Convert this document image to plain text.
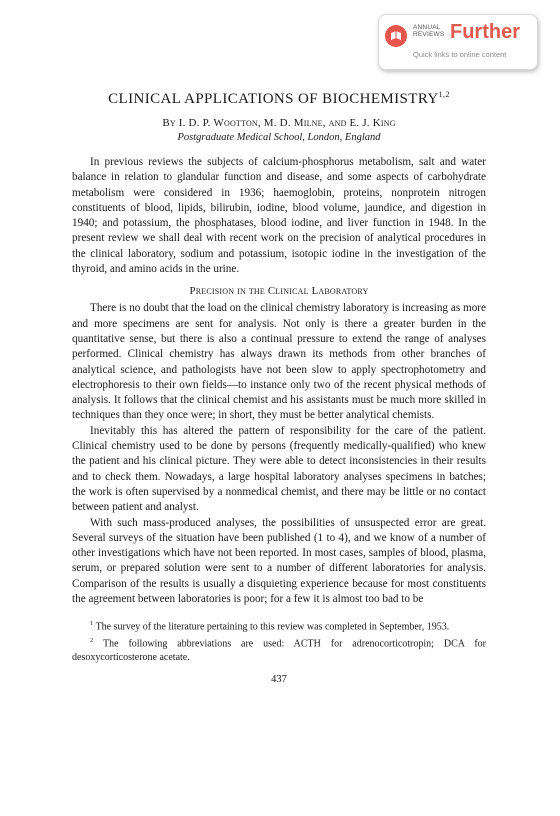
ANNUAL
REVIEWS Further
Quick links to online content
CLINICAL APPLICATIONS OF BIOCHEMISTRY$^{1,2}$
By I. D. P. Wootton, M. D. Milne, and E. J. King
Postgraduate Medical School, London, England

In previous reviews the subjects of calcium-phosphorus metabolism, salt and water balance in relation to glandular function and disease, and some aspects of carbohydrate metabolism were considered in 1936; haemoglobin, proteins, nonprotein nitrogen constituents of blood, lipids, bilirubin, iodine, blood volume, jaundice, and digestion in 1940; and potassium, the phosphatases, blood iodine, and liver function in 1948. In the present review we shall deal with recent work on the precision of analytical procedures in the clinical laboratory, sodium and potassium, isotopic iodine in the investigation of the thyroid, and amino acids in the urine.

Precision in the Clinical Laboratory

There is no doubt that the load on the clinical chemistry laboratory is increasing as more and more specimens are sent for analysis. Not only is there a greater burden in the quantitative sense, but there is also a continual pressure to extend the range of analyses performed. Clinical chemistry has always drawn its methods from other branches of analytical science, and pathologists have not been slow to apply spectrophotometry and electrophoresis to their own fields—to instance only two of the recent physical methods of analysis. It follows that the clinical chemist and his assistants must be much more skilled in techniques than they once were; in short, they must be better analytical chemists.

Inevitably this has altered the pattern of responsibility for the care of the patient. Clinical chemistry used to be done by persons (frequently medically-qualified) who knew the patient and his clinical picture. They were able to detect inconsistencies in their results and to check them. Nowadays, a large hospital laboratory analyses specimens in batches; the work is often supervised by a nonmedical chemist, and there may be little or no contact between patient and analyst.

With such mass-produced analyses, the possibilities of unsuspected error are great. Several surveys of the situation have been published (1 to 4), and we know of a number of other investigations which have not been reported. In most cases, samples of blood, plasma, serum, or prepared solution were sent to a number of different laboratories for analysis. Comparison of the results is usually a disquieting experience because for most constituents the agreement between laboratories is poor; for a few it is almost too bad to be

$^1$ The survey of the literature pertaining to this review was completed in September, 1953.

$^2$ The following abbreviations are used: ACTH for adrenocorticotropin; DCA for desoxycorticosterone acetate.

437
